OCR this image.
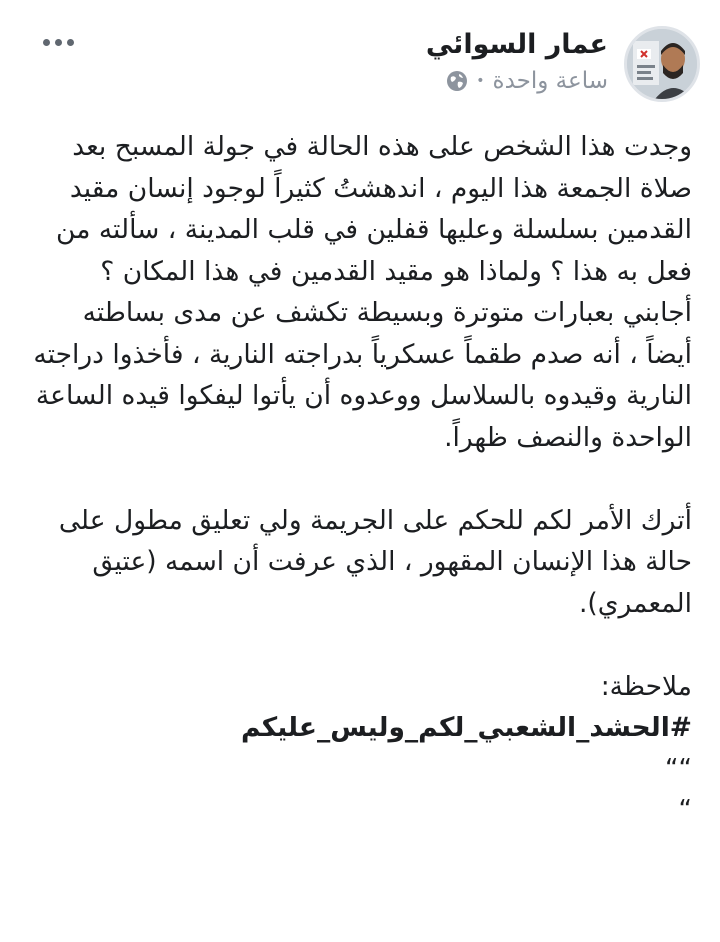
عمار السوائي
ساعة واحدة
•

وجدت هذا الشخص على هذه الحالة في جولة المسبح بعد صلاة الجمعة هذا اليوم ، اندهشتُ كثيراً لوجود إنسان مقيد القدمين بسلسلة وعليها قفلين في قلب المدينة ، سألته من فعل به هذا ؟ ولماذا هو مقيد القدمين في هذا المكان ؟

أجابني بعبارات متوترة وبسيطة تكشف عن مدى بساطته أيضاً ، أنه صدم طقماً عسكرياً بدراجته النارية ، فأخذوا دراجته النارية وقيدوه بالسلاسل ووعدوه أن يأتوا ليفكوا قيده الساعة الواحدة والنصف ظهراً.

أترك الأمر لكم للحكم على الجريمة ولي تعليق مطول على حالة هذا الإنسان المقهور ، الذي عرفت أن اسمه (عتيق المعمري).

ملاحظة:

#الحشد_الشعبي_لكم_وليس_عليكم

““

“
